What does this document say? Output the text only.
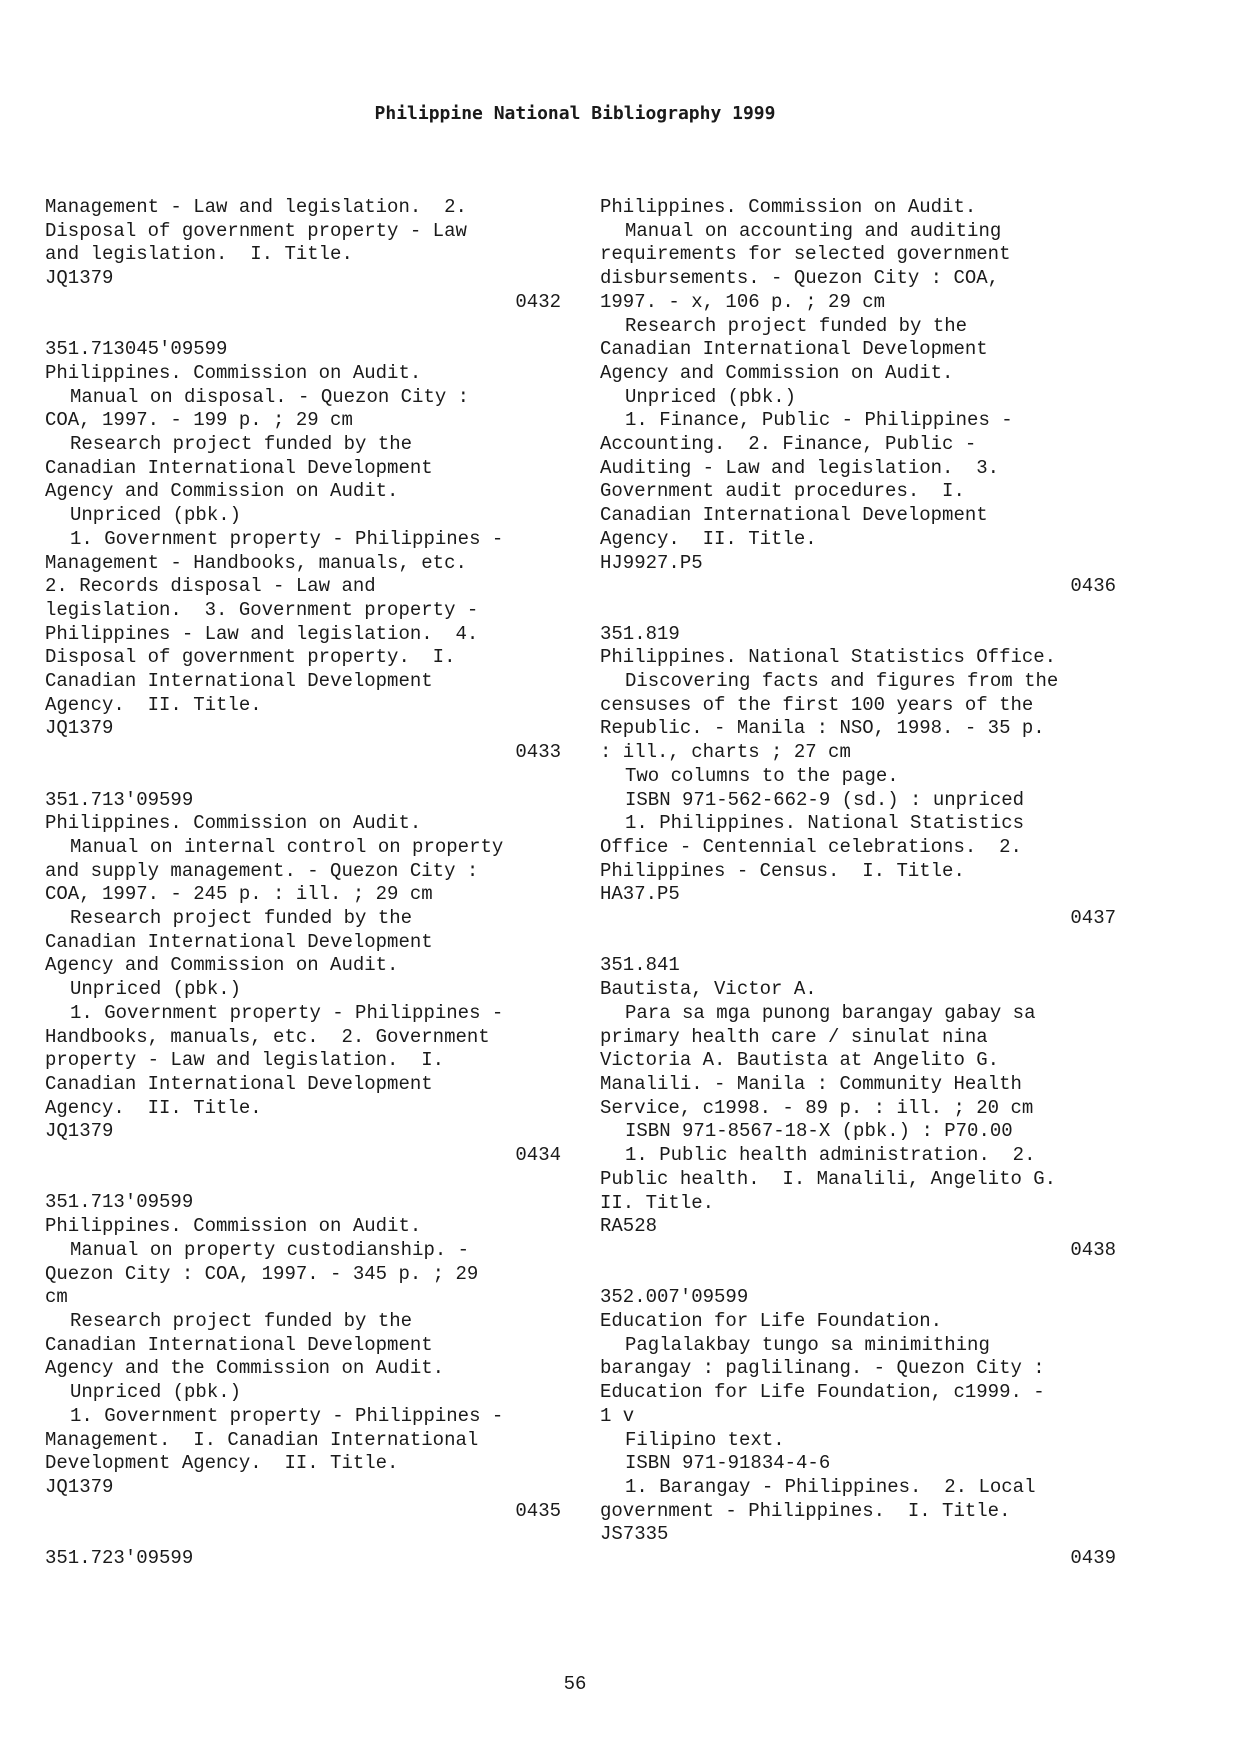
Philippine National Bibliography 1999
Management - Law and legislation.  2.
Disposal of government property - Law
and legislation.  I. Title.
JQ1379
0432
351.713045'09599
Philippines. Commission on Audit.
Manual on disposal. - Quezon City :
COA, 1997. - 199 p. ; 29 cm
Research project funded by the
Canadian International Development
Agency and Commission on Audit.
Unpriced (pbk.)
1. Government property - Philippines -
Management - Handbooks, manuals, etc.
2. Records disposal - Law and
legislation.  3. Government property -
Philippines - Law and legislation.  4.
Disposal of government property.  I.
Canadian International Development
Agency.  II. Title.
JQ1379
0433
351.713'09599
Philippines. Commission on Audit.
Manual on internal control on property
and supply management. - Quezon City :
COA, 1997. - 245 p. : ill. ; 29 cm
Research project funded by the
Canadian International Development
Agency and Commission on Audit.
Unpriced (pbk.)
1. Government property - Philippines -
Handbooks, manuals, etc.  2. Government
property - Law and legislation.  I.
Canadian International Development
Agency.  II. Title.
JQ1379
0434
351.713'09599
Philippines. Commission on Audit.
Manual on property custodianship. -
Quezon City : COA, 1997. - 345 p. ; 29
cm
Research project funded by the
Canadian International Development
Agency and the Commission on Audit.
Unpriced (pbk.)
1. Government property - Philippines -
Management.  I. Canadian International
Development Agency.  II. Title.
JQ1379
0435
351.723'09599
Philippines. Commission on Audit.
Manual on accounting and auditing
requirements for selected government
disbursements. - Quezon City : COA,
1997. - x, 106 p. ; 29 cm
Research project funded by the
Canadian International Development
Agency and Commission on Audit.
Unpriced (pbk.)
1. Finance, Public - Philippines -
Accounting.  2. Finance, Public -
Auditing - Law and legislation.  3.
Government audit procedures.  I.
Canadian International Development
Agency.  II. Title.
HJ9927.P5
0436
351.819
Philippines. National Statistics Office.
Discovering facts and figures from the
censuses of the first 100 years of the
Republic. - Manila : NSO, 1998. - 35 p.
: ill., charts ; 27 cm
Two columns to the page.
ISBN 971-562-662-9 (sd.) : unpriced
1. Philippines. National Statistics
Office - Centennial celebrations.  2.
Philippines - Census.  I. Title.
HA37.P5
0437
351.841
Bautista, Victor A.
Para sa mga punong barangay gabay sa
primary health care / sinulat nina
Victoria A. Bautista at Angelito G.
Manalili. - Manila : Community Health
Service, c1998. - 89 p. : ill. ; 20 cm
ISBN 971-8567-18-X (pbk.) : P70.00
1. Public health administration.  2.
Public health.  I. Manalili, Angelito G.
II. Title.
RA528
0438
352.007'09599
Education for Life Foundation.
Paglalakbay tungo sa minimithing
barangay : paglilinang. - Quezon City :
Education for Life Foundation, c1999. -
1 v
Filipino text.
ISBN 971-91834-4-6
1. Barangay - Philippines.  2. Local
government - Philippines.  I. Title.
JS7335
0439
56
